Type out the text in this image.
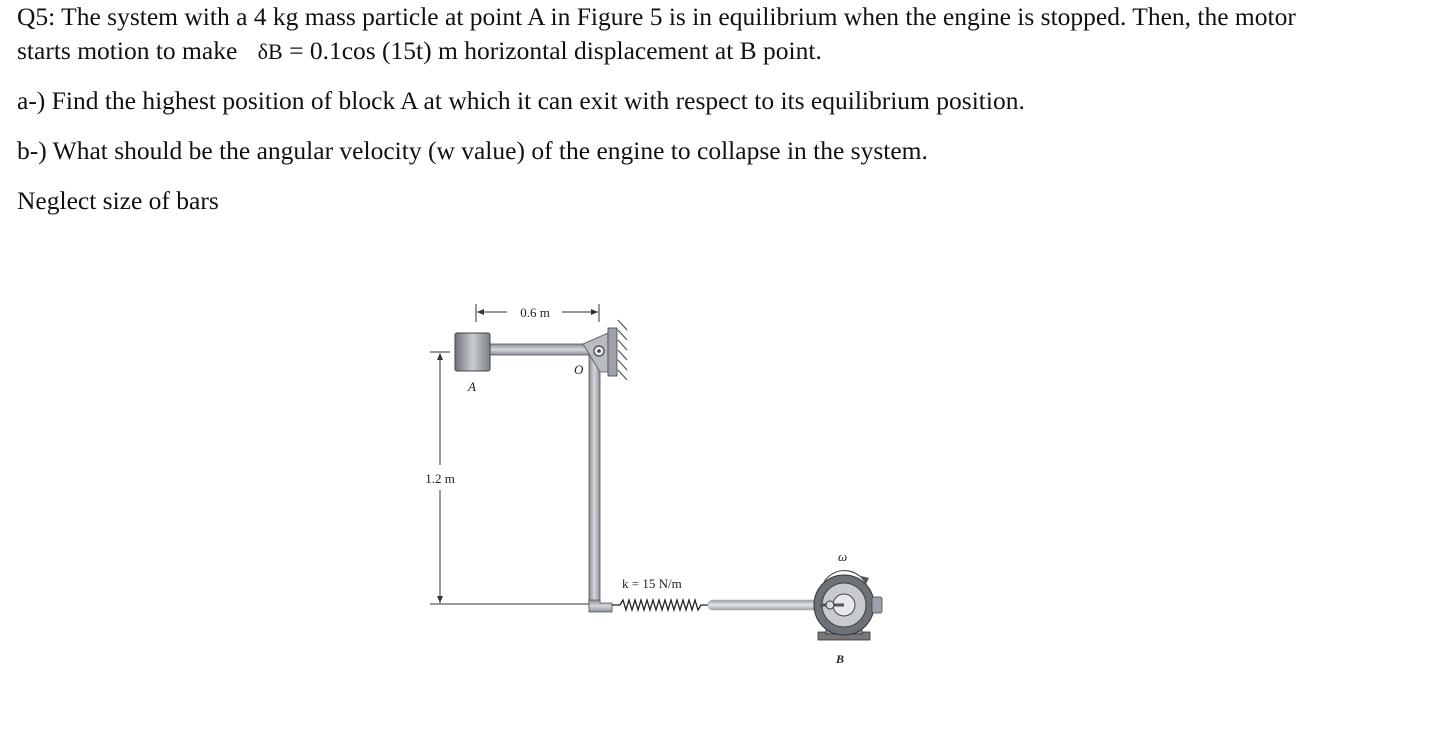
Q5: The system with a 4 kg mass particle at point A in Figure 5 is in equilibrium when the engine is stopped. Then, the motor
starts motion to make δB = 0.1cos (15t) m horizontal displacement at B point.
a-) Find the highest position of block A at which it can exit with respect to its equilibrium position.
b-) What should be the angular velocity (w value) of the engine to collapse in the system.
Neglect size of bars
0.6 m
1.2 m
A
O
k = 15 N/m
ω
B
